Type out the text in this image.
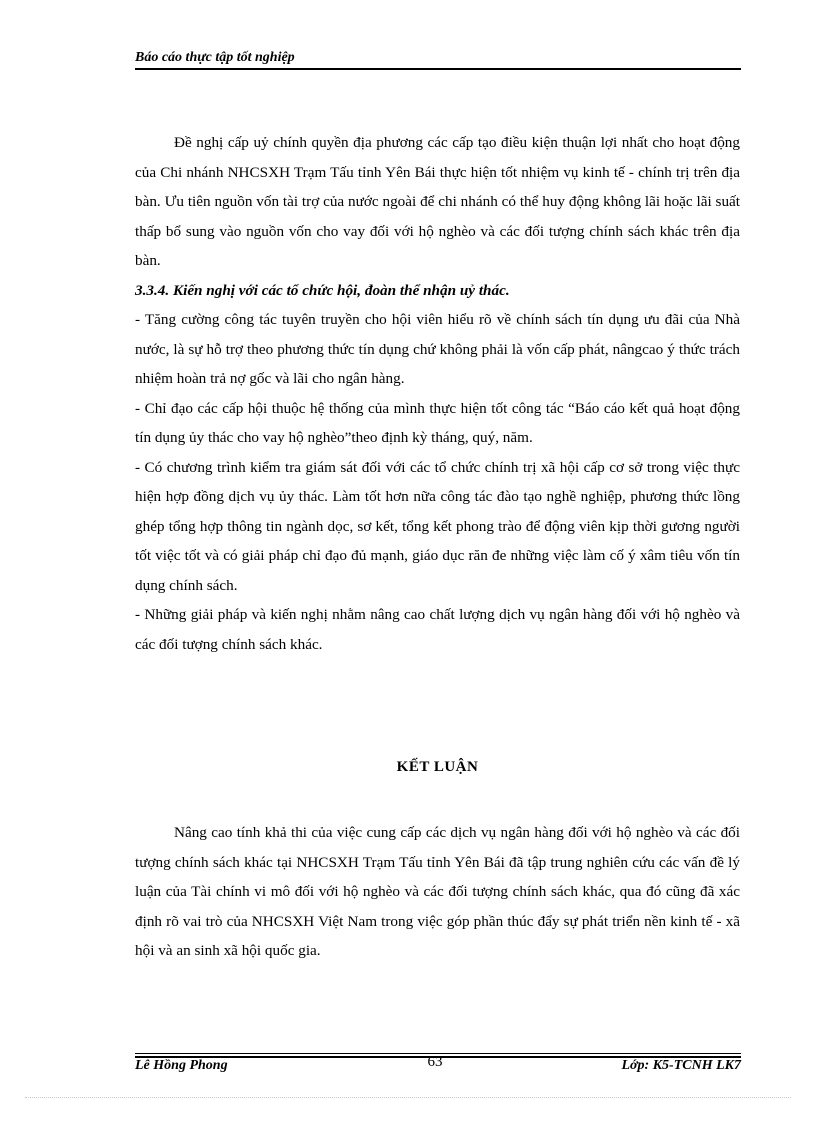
Báo cáo thực tập tốt nghiệp

Đề nghị cấp uỷ chính quyền địa phương các cấp tạo điều kiện thuận lợi nhất cho hoạt động của Chi nhánh NHCSXH Trạm Tấu tỉnh Yên Bái thực hiện tốt nhiệm vụ kinh tế - chính trị trên địa bàn. Ưu tiên nguồn vốn tài trợ của nước ngoài để chi nhánh có thể huy động không lãi hoặc lãi suất thấp bổ sung vào nguồn vốn cho vay đối với hộ nghèo và các đối tượng chính sách khác trên địa bàn.

3.3.4. Kiến nghị với các tổ chức hội, đoàn thể nhận uỷ thác.

- Tăng cường công tác tuyên truyền cho hội viên hiểu rõ về chính sách tín dụng ưu đãi của Nhà nước, là sự hỗ trợ theo phương thức tín dụng chứ không phải là vốn cấp phát, nângcao ý thức trách nhiệm hoàn trả nợ gốc và lãi cho ngân hàng.

- Chỉ đạo các cấp hội thuộc hệ thống của mình thực hiện tốt công tác “Báo cáo kết quả hoạt động tín dụng ủy thác cho vay hộ nghèo”theo định kỳ tháng, quý, năm.

- Có chương trình kiểm tra giám sát đối với các tổ chức chính trị xã hội cấp cơ sở trong việc thực hiện hợp đồng dịch vụ ủy thác. Làm tốt hơn nữa công tác đào tạo nghề nghiệp, phương thức lồng ghép tổng hợp thông tin ngành dọc, sơ kết, tổng kết phong trào để động viên kịp thời gương người tốt việc tốt và có giải pháp chỉ đạo đủ mạnh, giáo dục răn đe những việc làm cố ý xâm tiêu vốn tín dụng chính sách.

- Những giải pháp và kiến nghị nhằm nâng cao chất lượng dịch vụ ngân hàng đối với hộ nghèo và các đối tượng chính sách khác.

KẾT LUẬN

Nâng cao tính khả thi của việc cung cấp các dịch vụ ngân hàng đối với hộ nghèo và các đối tượng chính sách khác tại NHCSXH Trạm Tấu tỉnh Yên Bái đã tập trung nghiên cứu các vấn đề lý luận của Tài chính vi mô đối với hộ nghèo và các đối tượng chính sách khác, qua đó cũng đã xác định rõ vai trò của NHCSXH Việt Nam trong việc góp phần thúc đẩy sự phát triển nền kinh tế - xã hội và an sinh xã hội quốc gia.

Lê Hồng Phong	63	Lớp: K5-TCNH LK7
